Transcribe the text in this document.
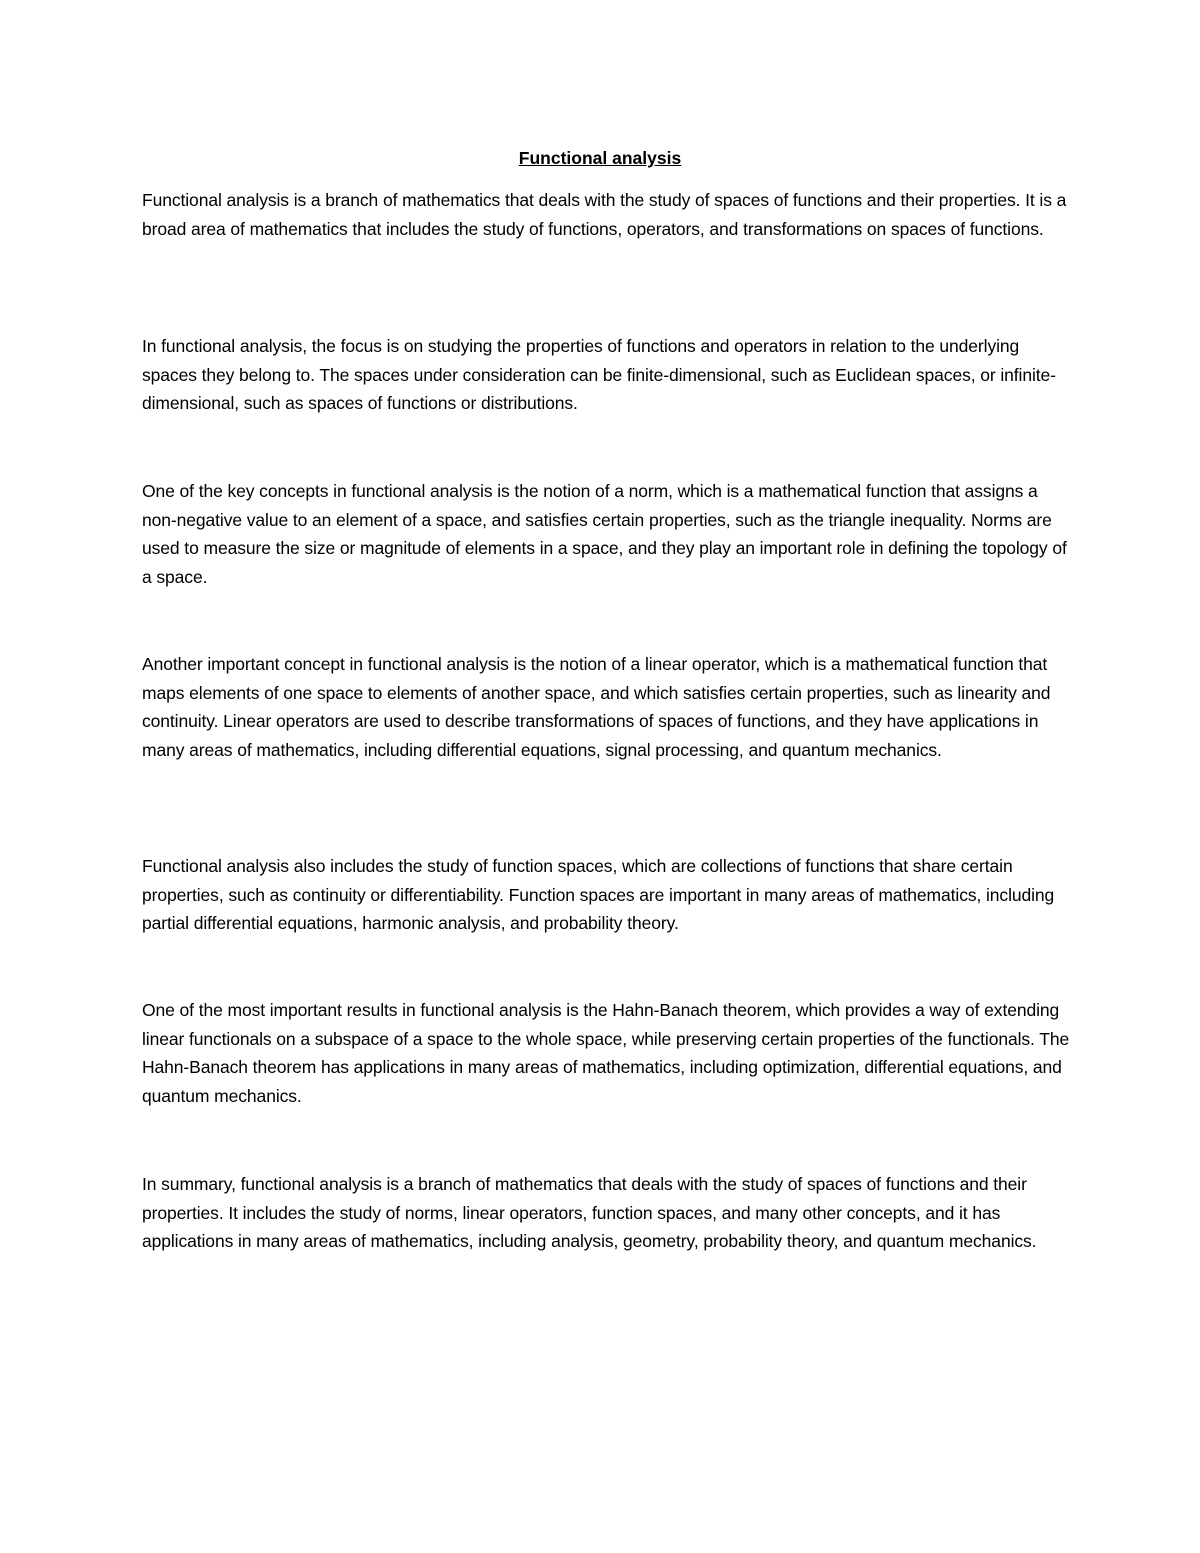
Functional analysis

Functional analysis is a branch of mathematics that deals with the study of spaces of functions and their properties. It is a broad area of mathematics that includes the study of functions, operators, and transformations on spaces of functions.

In functional analysis, the focus is on studying the properties of functions and operators in relation to the underlying spaces they belong to. The spaces under consideration can be finite-dimensional, such as Euclidean spaces, or infinite-dimensional, such as spaces of functions or distributions.

One of the key concepts in functional analysis is the notion of a norm, which is a mathematical function that assigns a non-negative value to an element of a space, and satisfies certain properties, such as the triangle inequality. Norms are used to measure the size or magnitude of elements in a space, and they play an important role in defining the topology of a space.

Another important concept in functional analysis is the notion of a linear operator, which is a mathematical function that maps elements of one space to elements of another space, and which satisfies certain properties, such as linearity and continuity. Linear operators are used to describe transformations of spaces of functions, and they have applications in many areas of mathematics, including differential equations, signal processing, and quantum mechanics.

Functional analysis also includes the study of function spaces, which are collections of functions that share certain properties, such as continuity or differentiability. Function spaces are important in many areas of mathematics, including partial differential equations, harmonic analysis, and probability theory.

One of the most important results in functional analysis is the Hahn-Banach theorem, which provides a way of extending linear functionals on a subspace of a space to the whole space, while preserving certain properties of the functionals. The Hahn-Banach theorem has applications in many areas of mathematics, including optimization, differential equations, and quantum mechanics.

In summary, functional analysis is a branch of mathematics that deals with the study of spaces of functions and their properties. It includes the study of norms, linear operators, function spaces, and many other concepts, and it has applications in many areas of mathematics, including analysis, geometry, probability theory, and quantum mechanics.
